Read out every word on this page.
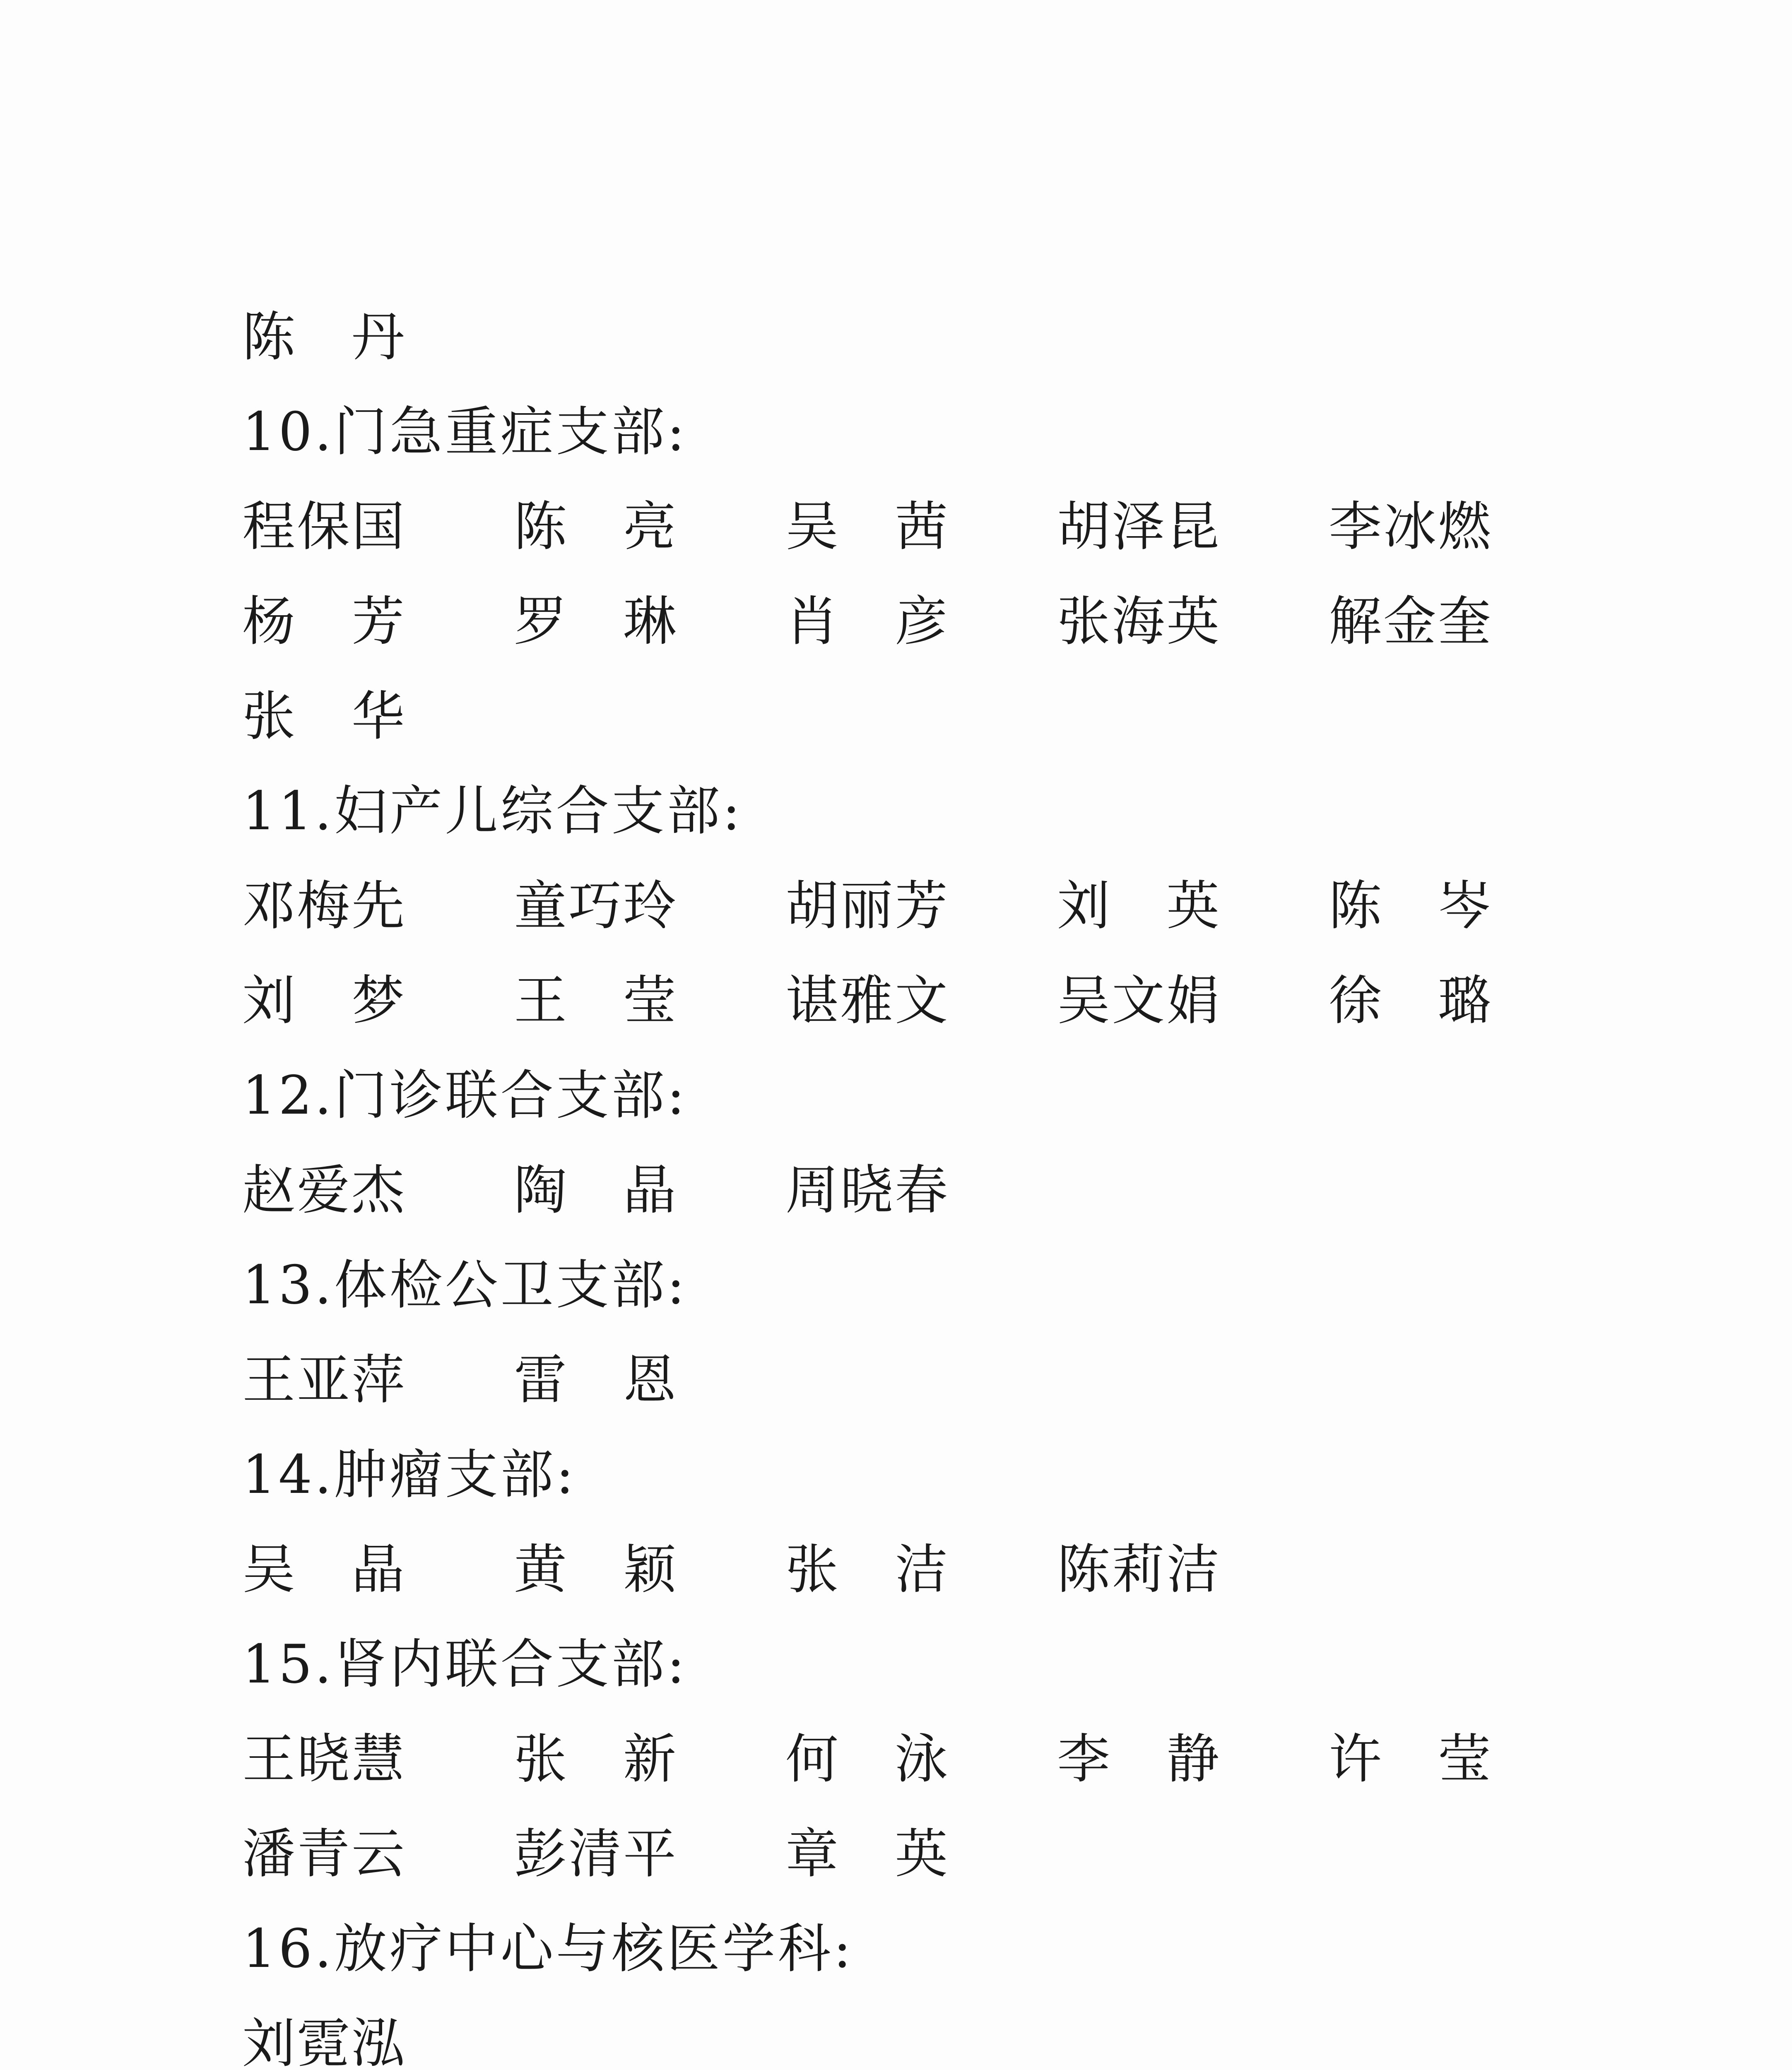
陈　丹
10.门急重症支部:
程保国	陈　亮	吴　茜	胡泽昆	李冰燃
杨　芳	罗　琳	肖　彦	张海英	解金奎
张　华
11.妇产儿综合支部:
邓梅先	童巧玲	胡丽芳	刘　英	陈　岑
刘　梦	王　莹	谌雅文	吴文娟	徐　璐
12.门诊联合支部:
赵爱杰	陶　晶	周晓春
13.体检公卫支部:
王亚萍	雷　恩
14.肿瘤支部:
吴　晶	黄　颖	张　洁	陈莉洁
15.肾内联合支部:
王晓慧	张　新	何　泳	李　静	许　莹
潘青云	彭清平	章　英
16.放疗中心与核医学科:
刘霓泓
